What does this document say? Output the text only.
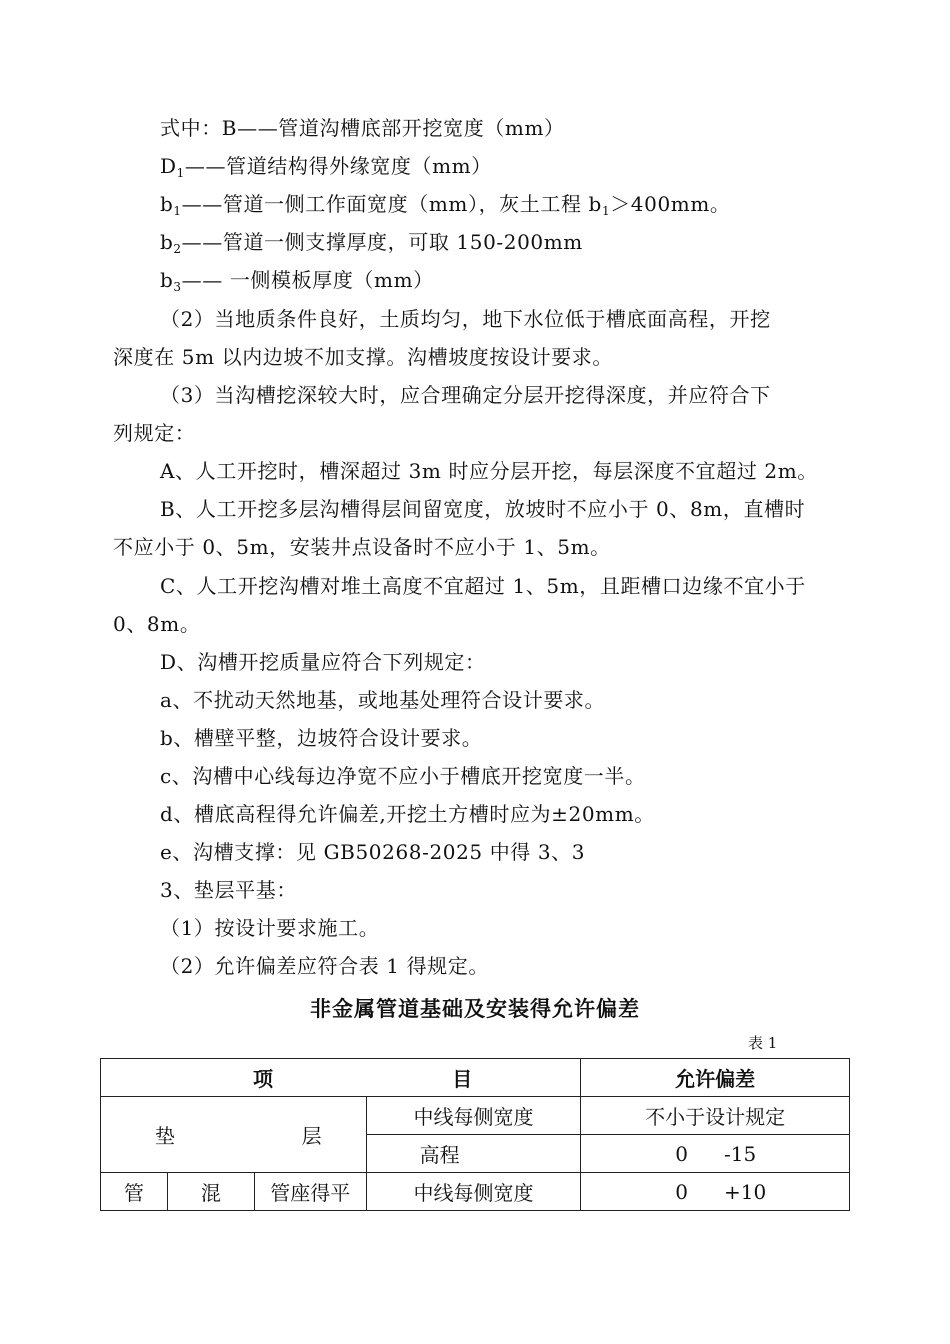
式中：B——管道沟槽底部开挖宽度（mm）
$D_1——$管道结构得外缘宽度（mm）
$b_1——$管道一侧工作面宽度（mm），灰土工程 $b_1>400mm$。
$b_2——$管道一侧支撑厚度，可取 150-200mm
$b_3——$ 一侧模板厚度（mm）
（2）当地质条件良好，土质均匀，地下水位低于槽底面高程，开挖
深度在 5m 以内边坡不加支撑。沟槽坡度按设计要求。
（3）当沟槽挖深较大时，应合理确定分层开挖得深度，并应符合下
列规定：
A、人工开挖时，槽深超过 3m 时应分层开挖，每层深度不宜超过 2m。
B、人工开挖多层沟槽得层间留宽度，放坡时不应小于 0、8m，直槽时
不应小于 0、5m，安装井点设备时不应小于 1、5m。
C、人工开挖沟槽对堆土高度不宜超过 1、5m，且距槽口边缘不宜小于
0、8m。
D、沟槽开挖质量应符合下列规定：
a、不扰动天然地基，或地基处理符合设计要求。
b、槽壁平整，边坡符合设计要求。
c、沟槽中心线每边净宽不应小于槽底开挖宽度一半。
d、槽底高程得允许偏差,开挖土方槽时应为±20mm。
e、沟槽支撑：见 GB50268-2025 中得 3、3
3、垫层平基：
（1）按设计要求施工。
（2）允许偏差应符合表 1 得规定。
非金属管道基础及安装得允许偏差
表 1
项 目				允许偏差

垫 层			中线每侧宽度	不小于设计规定
			高程	0 -15

管	混	管座得平	中线每侧宽度	0 +10
